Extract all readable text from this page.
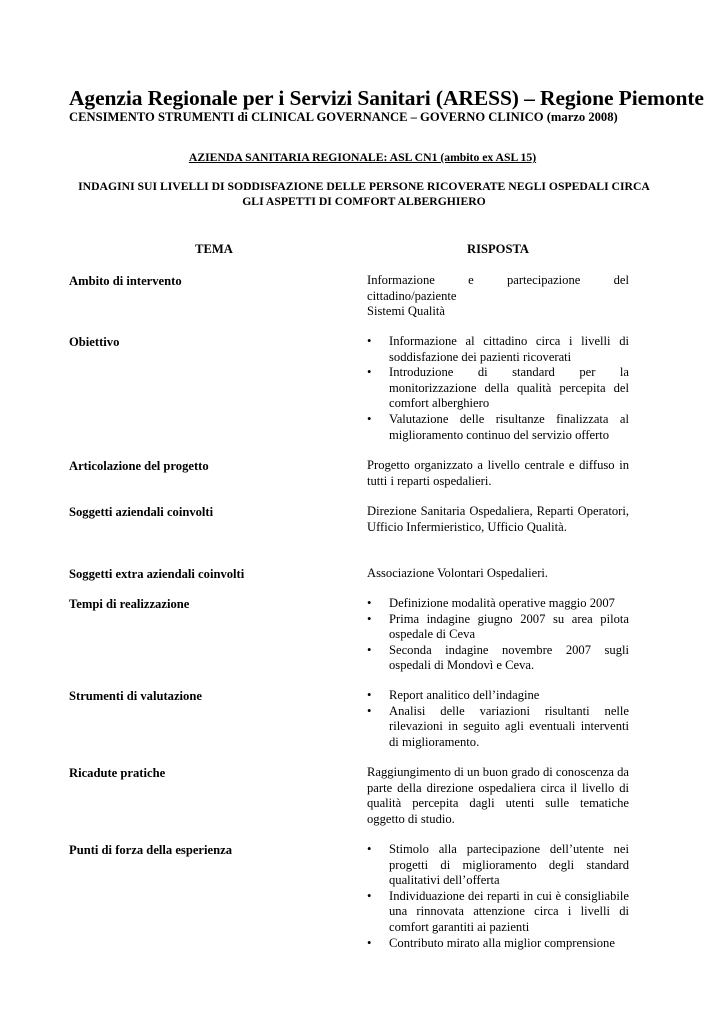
Agenzia Regionale per i Servizi Sanitari (ARESS) – Regione Piemonte
CENSIMENTO STRUMENTI di CLINICAL GOVERNANCE – GOVERNO CLINICO (marzo 2008)
AZIENDA SANITARIA REGIONALE: ASL CN1 (ambito ex ASL 15)
INDAGINI SUI LIVELLI DI SODDISFAZIONE DELLE PERSONE RICOVERATE NEGLI OSPEDALI CIRCA GLI ASPETTI DI COMFORT ALBERGHIERO
TEMA	RISPOSTA
Ambito di intervento	Informazione e partecipazione del cittadino/paziente
Sistemi Qualità
Obiettivo	• Informazione al cittadino circa i livelli di soddisfazione dei pazienti ricoverati
• Introduzione di standard per la monitorizzazione della qualità percepita del comfort alberghiero
• Valutazione delle risultanze finalizzata al miglioramento continuo del servizio offerto
Articolazione del progetto	Progetto organizzato a livello centrale e diffuso in tutti i reparti ospedalieri.
Soggetti aziendali coinvolti	Direzione Sanitaria Ospedaliera, Reparti Operatori, Ufficio Infermieristico, Ufficio Qualità.
Soggetti extra aziendali coinvolti	Associazione Volontari Ospedalieri.
Tempi di realizzazione	• Definizione modalità operative maggio 2007
• Prima indagine giugno 2007 su area pilota ospedale di Ceva
• Seconda indagine novembre 2007 sugli ospedali di Mondovì e Ceva.
Strumenti di valutazione	• Report analitico dell’indagine
• Analisi delle variazioni risultanti nelle rilevazioni in seguito agli eventuali interventi di miglioramento.
Ricadute pratiche	Raggiungimento di un buon grado di conoscenza da parte della direzione ospedaliera circa il livello di qualità percepita dagli utenti sulle tematiche oggetto di studio.
Punti di forza della esperienza	• Stimolo alla partecipazione dell’utente nei progetti di miglioramento degli standard qualitativi dell’offerta
• Individuazione dei reparti in cui è consigliabile una rinnovata attenzione circa i livelli di comfort garantiti ai pazienti
• Contributo mirato alla miglior comprensione
